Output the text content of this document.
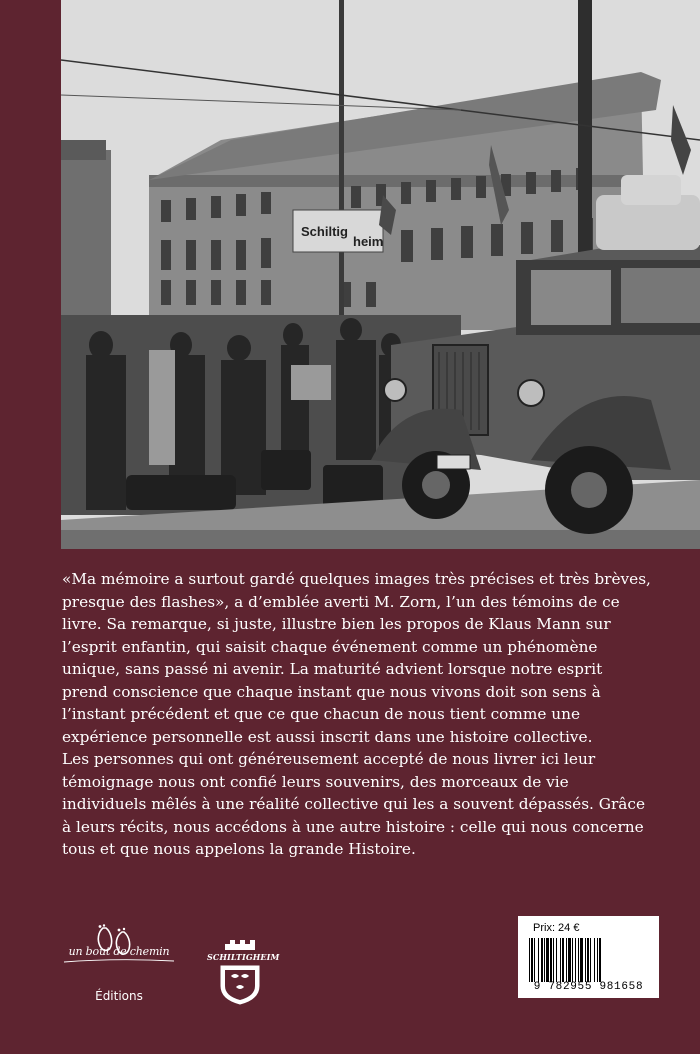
Schiltig
heim

«Ma mémoire a surtout gardé quelques images très précises et très brèves, presque des flashes», a d’emblée averti M. Zorn, l’un des témoins de ce livre. Sa remarque, si juste, illustre bien les propos de Klaus Mann sur l’esprit enfantin, qui saisit chaque événement comme un phénomène unique, sans passé ni avenir. La maturité advient lorsque notre esprit prend conscience que chaque instant que nous vivons doit son sens à l’instant précédent et que ce que chacun de nous tient comme une expérience personnelle est aussi inscrit dans une histoire collective.

Les personnes qui ont généreusement accepté de nous livrer ici leur témoignage nous ont confié leurs souvenirs, des morceaux de vie individuels mêlés à une réalité collective qui les a souvent dépassés. Grâce à leurs récits, nous accédons à une autre histoire : celle qui nous concerne tous et que nous appelons la grande Histoire.

un bout de chemin
Éditions
SCHILTIGHEIM
Prix: 24 €
9 782955 981658
